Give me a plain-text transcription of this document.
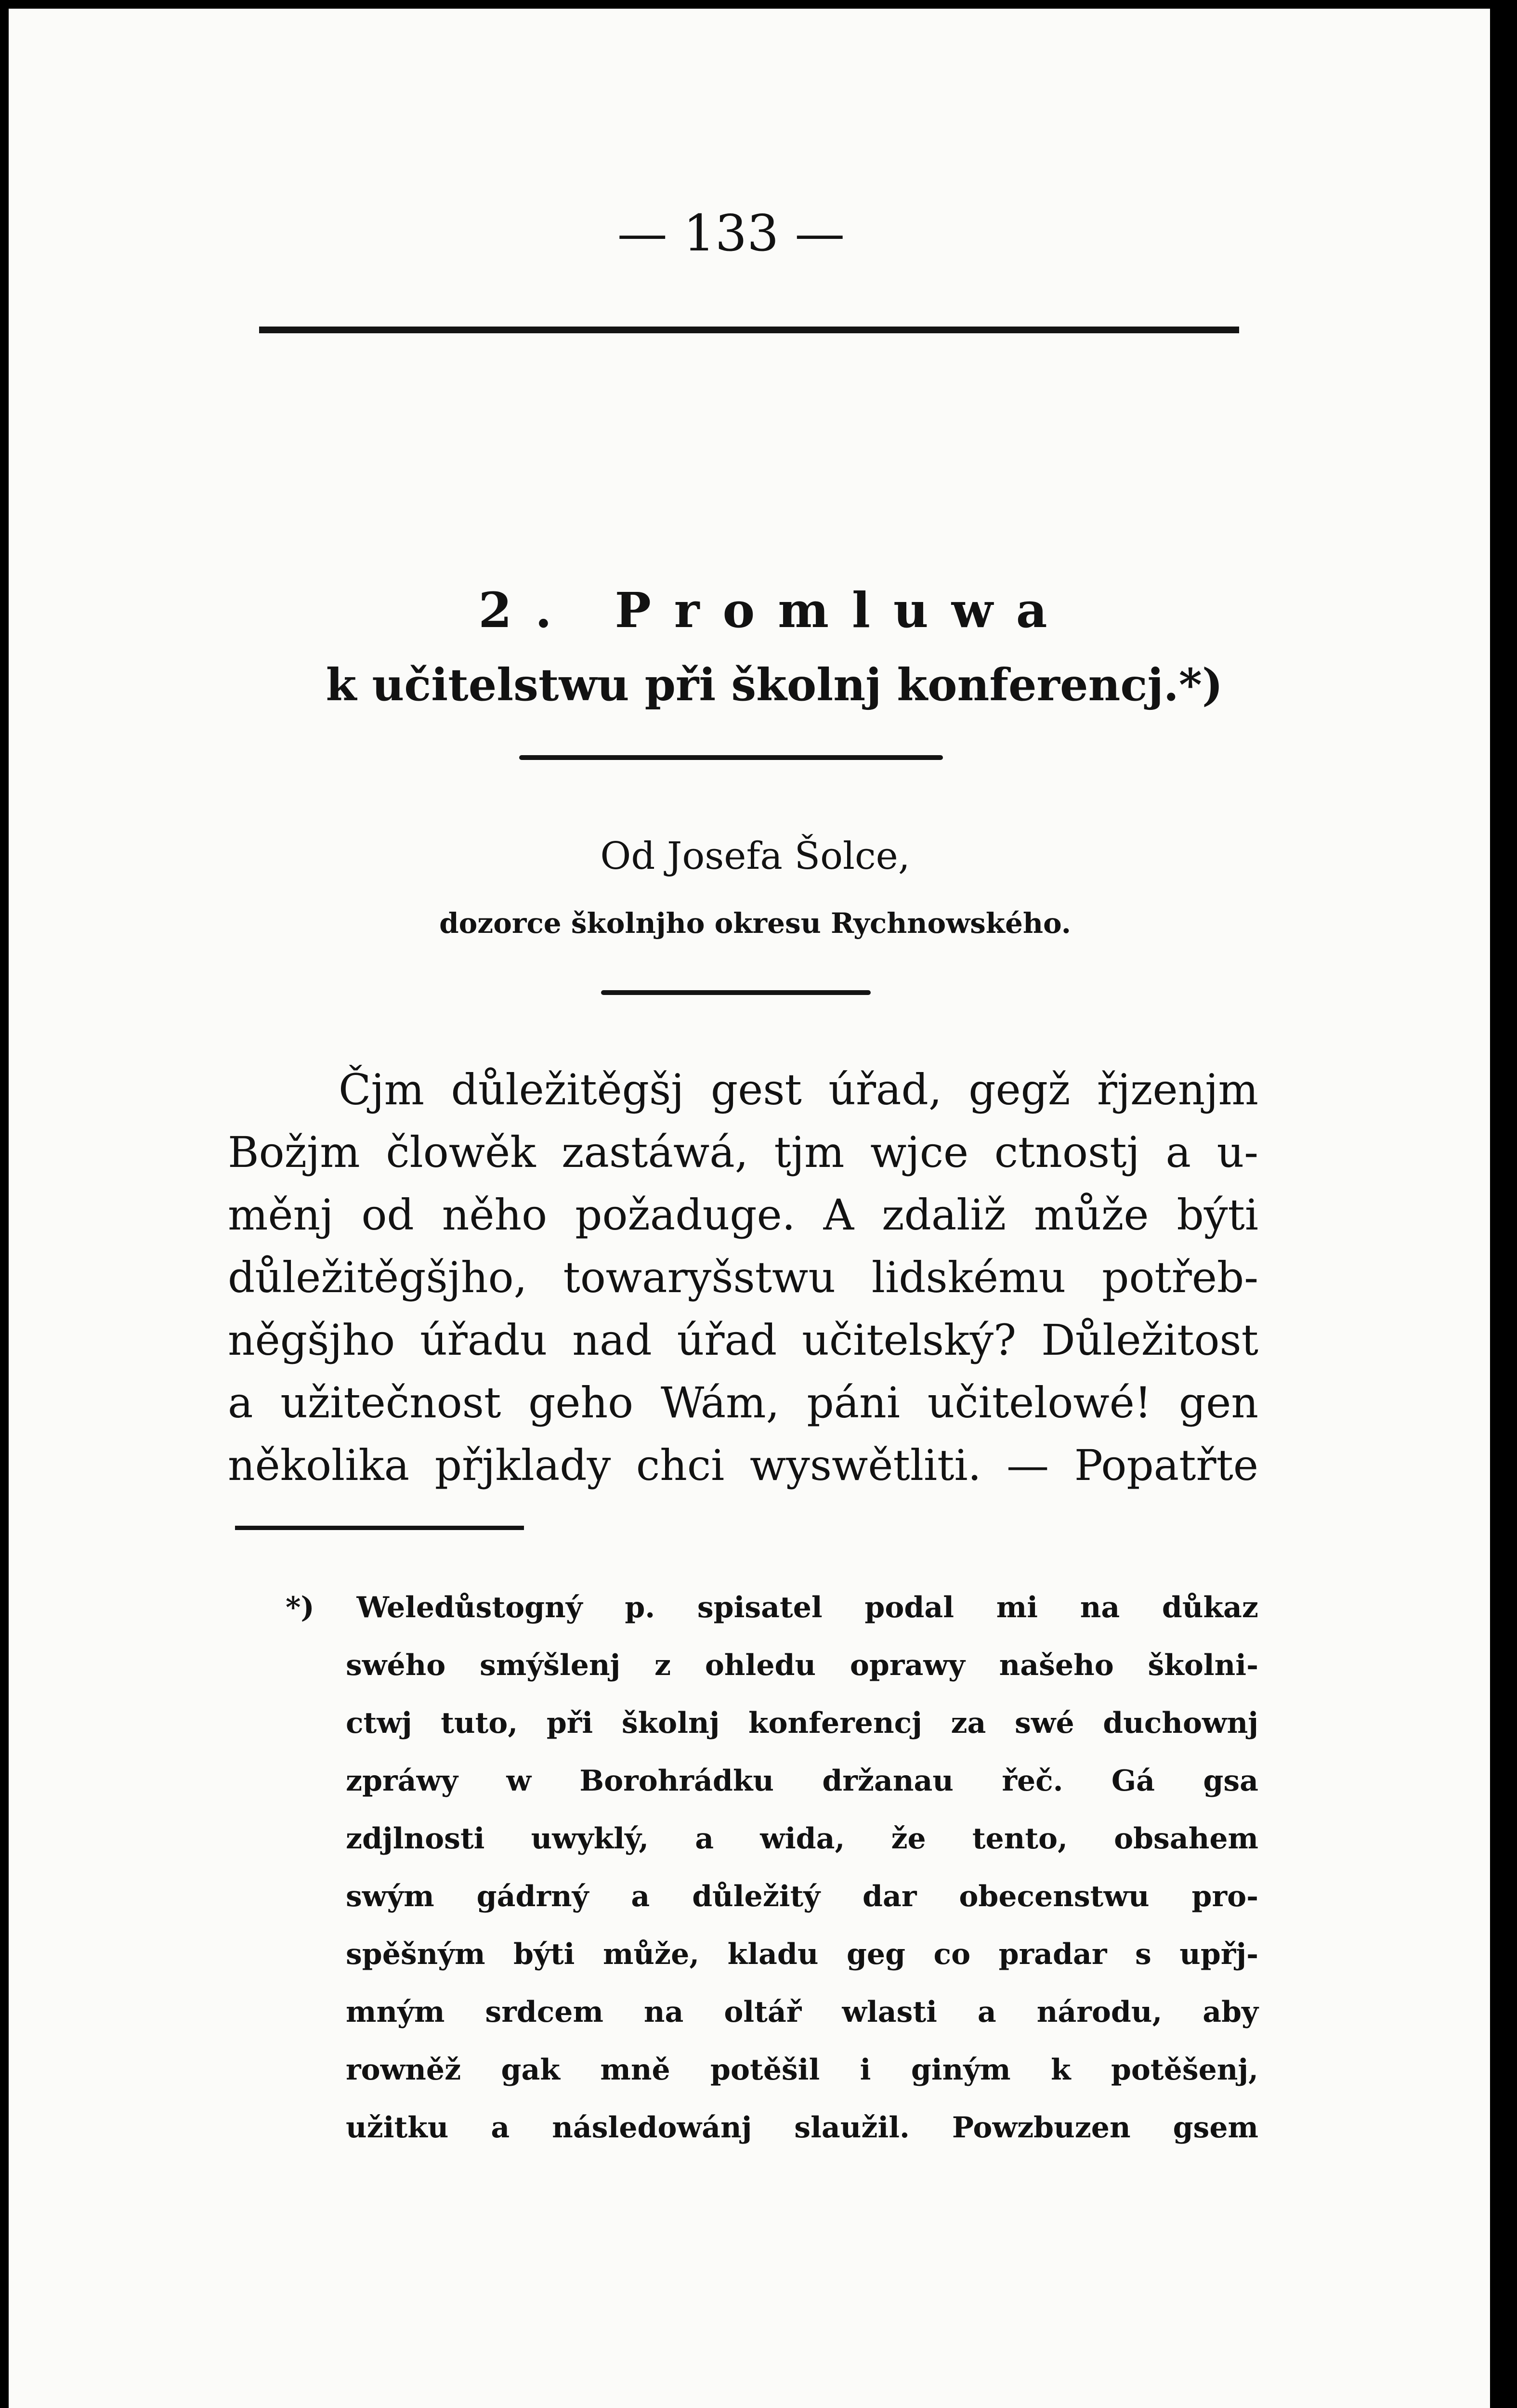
— 133 —
2. Promluwa
k učitelstwu při školnj konferencj.*)
Od Josefa Šolce,
dozorce školnjho okresu Rychnowského.
Čjm důležitěgšj gest úřad, gegž řjzenjm
Božjm člowěk zastáwá, tjm wjce ctnostj a u-
měnj od něho požaduge. A zdaliž může býti
důležitěgšjho, towaryšstwu lidskému potřeb-
něgšjho úřadu nad úřad učitelský? Důležitost
a užitečnost geho Wám, páni učitelowé! gen
několika přjklady chci wyswětliti. — Popatřte
*) Weledůstogný p. spisatel podal mi na důkaz
swého smýšlenj z ohledu oprawy našeho školni-
ctwj tuto, při školnj konferencj za swé duchownj
zpráwy w Borohrádku držanau řeč. Gá gsa
zdjlnosti uwyklý, a wida, že tento, obsahem
swým gádrný a důležitý dar obecenstwu pro-
spěšným býti může, kladu geg co pradar s upřj-
mným srdcem na oltář wlasti a národu, aby
rowněž gak mně potěšil i giným k potěšenj,
užitku a následowánj slaužil. Powzbuzen gsem
